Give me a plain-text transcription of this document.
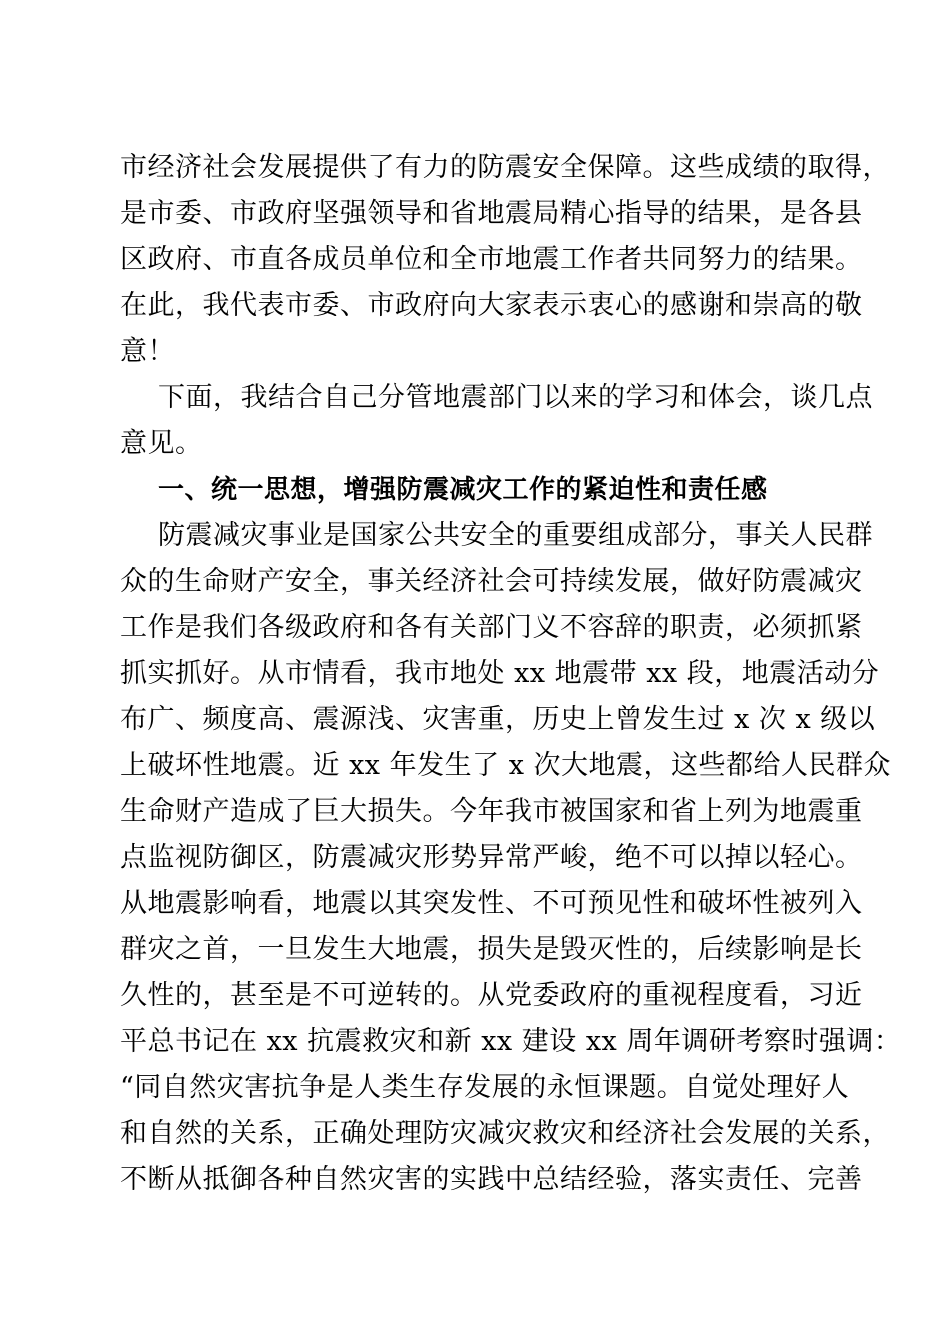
市经济社会发展提供了有力的防震安全保障。这些成绩的取得，
是市委、市政府坚强领导和省地震局精心指导的结果，是各县
区政府、市直各成员单位和全市地震工作者共同努力的结果。
在此，我代表市委、市政府向大家表示衷心的感谢和崇高的敬
意！
下面，我结合自己分管地震部门以来的学习和体会，谈几点
意见。
一、统一思想，增强防震减灾工作的紧迫性和责任感
防震减灾事业是国家公共安全的重要组成部分，事关人民群
众的生命财产安全，事关经济社会可持续发展，做好防震减灾
工作是我们各级政府和各有关部门义不容辞的职责，必须抓紧
抓实抓好。从市情看，我市地处 xx 地震带 xx 段，地震活动分
布广、频度高、震源浅、灾害重，历史上曾发生过 x 次 x 级以
上破坏性地震。近 xx 年发生了 x 次大地震，这些都给人民群众
生命财产造成了巨大损失。今年我市被国家和省上列为地震重
点监视防御区，防震减灾形势异常严峻，绝不可以掉以轻心。
从地震影响看，地震以其突发性、不可预见性和破坏性被列入
群灾之首，一旦发生大地震，损失是毁灭性的，后续影响是长
久性的，甚至是不可逆转的。从党委政府的重视程度看，习近
平总书记在 xx 抗震救灾和新 xx 建设 xx 周年调研考察时强调：
“同自然灾害抗争是人类生存发展的永恒课题。自觉处理好人
和自然的关系，正确处理防灾减灾救灾和经济社会发展的关系，
不断从抵御各种自然灾害的实践中总结经验，落实责任、完善
